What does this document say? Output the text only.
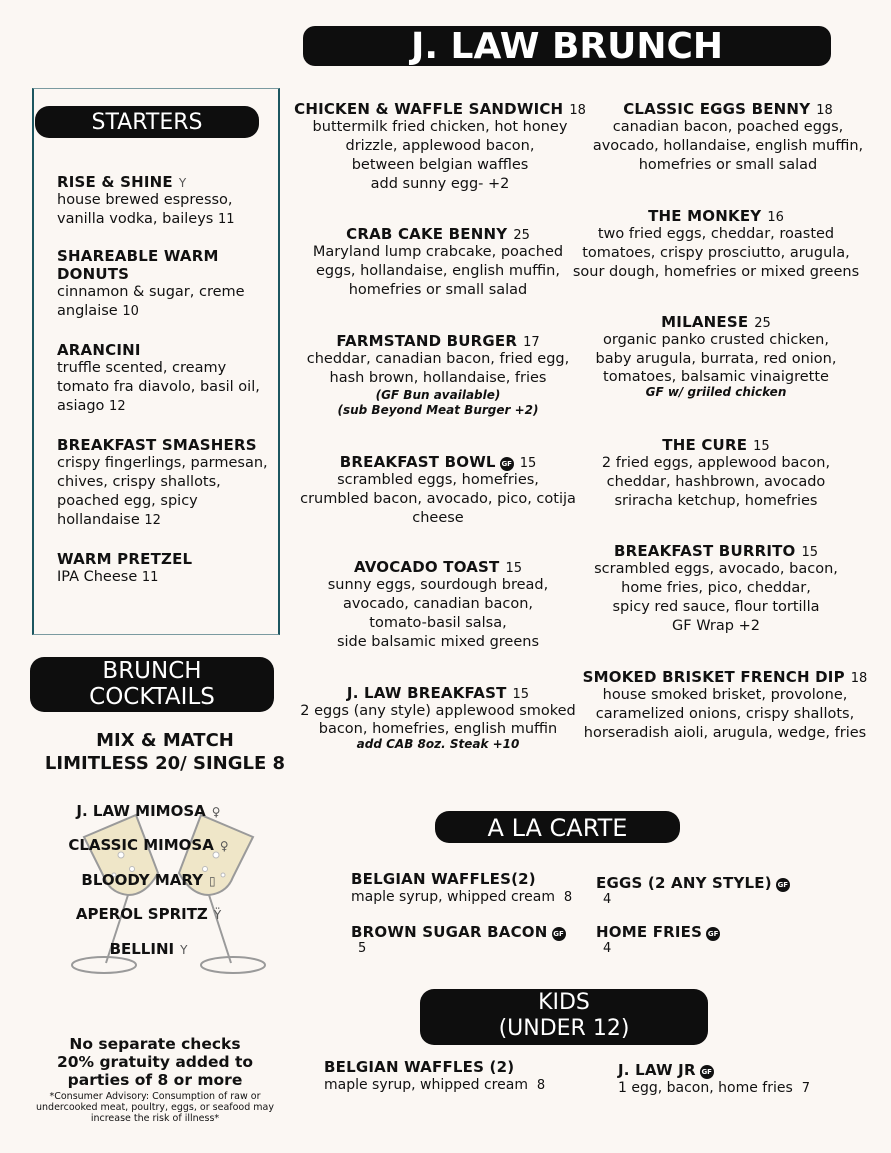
J. LAW BRUNCH
STARTERS
RISE & SHINE Y
house brewed espresso, vanilla vodka, baileys 11
SHAREABLE WARM DONUTS
cinnamon & sugar, creme anglaise 10
ARANCINI
truffle scented, creamy tomato fra diavolo, basil oil, asiago 12
BREAKFAST SMASHERS
crispy fingerlings, parmesan, chives, crispy shallots, poached egg, spicy hollandaise 12
WARM PRETZEL
IPA Cheese 11
BRUNCH
COCKTAILS
MIX & MATCH
LIMITLESS 20/ SINGLE 8
J. LAW MIMOSA ♀
CLASSIC MIMOSA ♀
BLOODY MARY ▯
APEROL SPRITZ Ÿ
BELLINI Y
No separate checks
20% gratuity added to
parties of 8 or more
*Consumer Advisory: Consumption of raw or
undercooked meat, poultry, eggs, or seafood may
increase the risk of illness*
CHICKEN & WAFFLE SANDWICH 18
buttermilk fried chicken, hot honey
drizzle, applewood bacon,
between belgian waffles
add sunny egg- +2
CRAB CAKE BENNY 25
Maryland lump crabcake, poached
eggs, hollandaise, english muffin,
homefries or small salad
FARMSTAND BURGER 17
cheddar, canadian bacon, fried egg,
hash brown, hollandaise, fries
(GF Bun available)
(sub Beyond Meat Burger +2)
BREAKFAST BOWL GF 15
scrambled eggs, homefries,
crumbled bacon, avocado, pico, cotija
cheese
AVOCADO TOAST 15
sunny eggs, sourdough bread,
avocado, canadian bacon,
tomato-basil salsa,
side balsamic mixed greens
J. LAW BREAKFAST 15
2 eggs (any style) applewood smoked
bacon, homefries, english muffin
add CAB 8oz. Steak +10
CLASSIC EGGS BENNY 18
canadian bacon, poached eggs,
avocado, hollandaise, english muffin,
homefries or small salad
THE MONKEY 16
two fried eggs, cheddar, roasted
tomatoes, crispy prosciutto, arugula,
sour dough, homefries or mixed greens
MILANESE 25
organic panko crusted chicken,
baby arugula, burrata, red onion,
tomatoes, balsamic vinaigrette
GF w/ griiled chicken
THE CURE 15
2 fried eggs, applewood bacon,
cheddar, hashbrown, avocado
sriracha ketchup, homefries
BREAKFAST BURRITO 15
scrambled eggs, avocado, bacon,
home fries, pico, cheddar,
spicy red sauce, flour tortilla
GF Wrap +2
SMOKED BRISKET FRENCH DIP 18
house smoked brisket, provolone,
caramelized onions, crispy shallots,
horseradish aioli, arugula, wedge, fries
A LA CARTE
BELGIAN WAFFLES(2)
maple syrup, whipped cream 8
BROWN SUGAR BACON GF
5
EGGS (2 ANY STYLE) GF
4
HOME FRIES GF
4
KIDS
(UNDER 12)
BELGIAN WAFFLES (2)
maple syrup, whipped cream 8
J. LAW JR GF
1 egg, bacon, home fries 7
